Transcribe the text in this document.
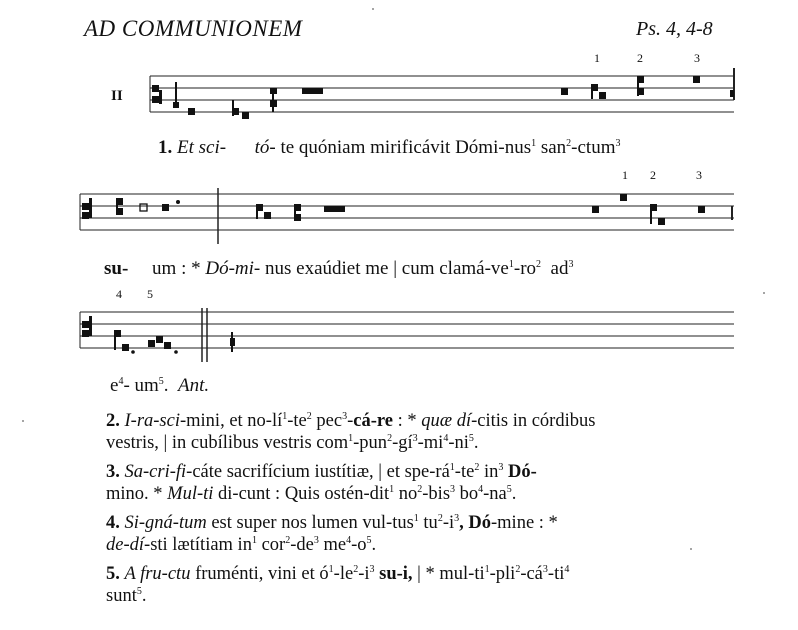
AD COMMUNIONEM	Ps. 4, 4-8
II
1	2	3
1. Et sci- tó- te quóniam mirificávit Dómi-nus$^1$ san$^2$-ctum$^3$
1 2	3
su- um : * Dó-mi- nus exaúdiet me | cum clamá-$ve^1-ro^2$ $ad^3$
4 5
$e^4-$ $um^5$. Ant.
2. I-ra-sci-mini, et $no-lí^1-te^2$ pec$^3$-cá-re : * quæ dí-citis in córdibus
vestris, | in cubílibus vestris $com^1-pun^2-gí^3-mi^4-ni^5$.
3. Sa-cri-fi-cáte sacrifícium iustítiæ, | et spe-$rá^1-te^2$ $in^3$ Dó-
mino. * Mul-ti di-cunt : Quis ostén-dit$^1$ $no^2-bis^3$ $bo^4-na^5$.
4. Si-gná-tum est super nos lumen vul-tus$^1$ $tu^2-i^3$, Dó-mine : *
de-dí-sti lætítiam $in^1$ $cor^2-de^3$ $me^4-o^5$.
5. A fru-ctu fruménti, vini et $ó^1-le^2-i^3$ su-i, | * mul-$ti^1-pli^2-cá^3-ti^4$
sunt$^5$.
